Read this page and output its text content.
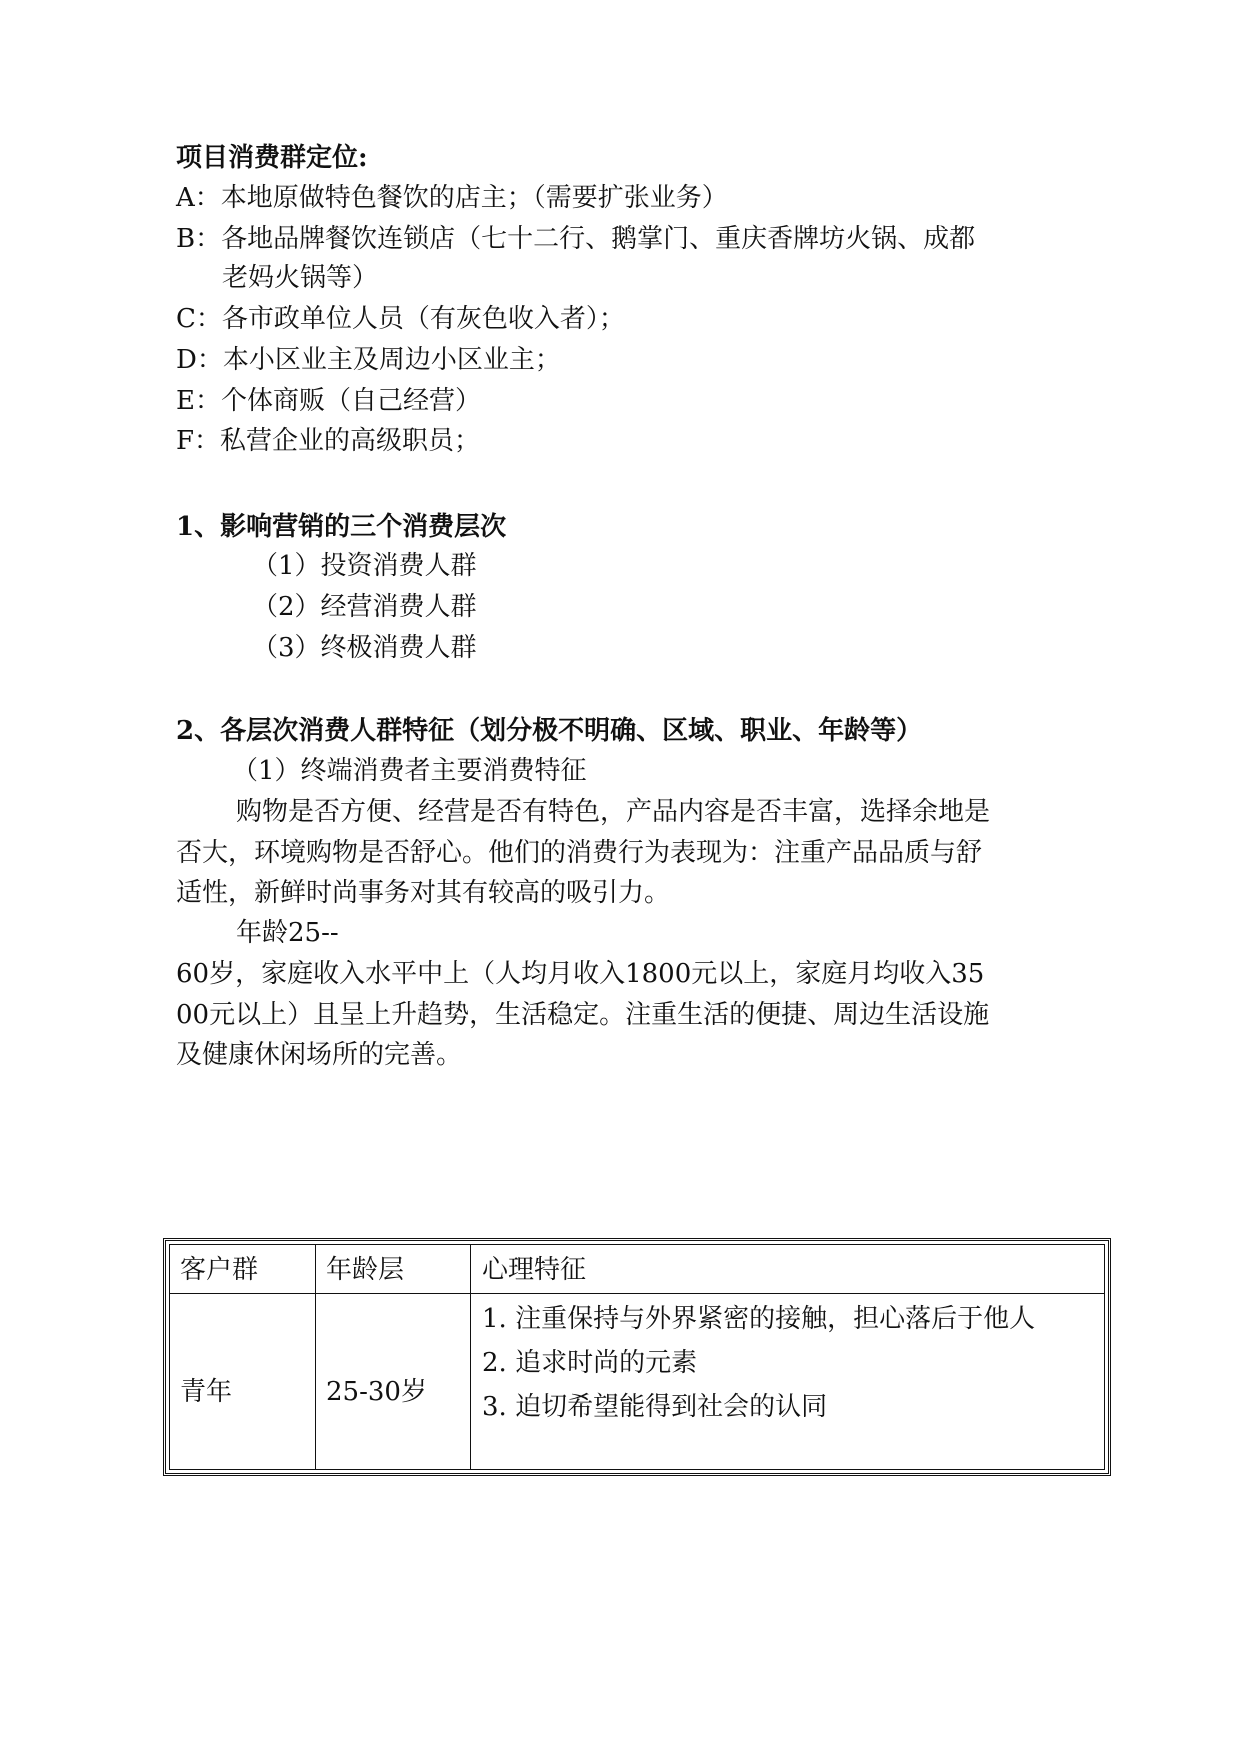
项目消费群定位:
A：本地原做特色餐饮的店主；（需要扩张业务）
B：各地品牌餐饮连锁店（七十二行、鹅掌门、重庆香牌坊火锅、成都
老妈火锅等）
C：各市政单位人员（有灰色收入者）；
D：本小区业主及周边小区业主；
E：个体商贩（自己经营）
F：私营企业的高级职员；
1、影响营销的三个消费层次
（1）投资消费人群
（2）经营消费人群
（3）终极消费人群
2、各层次消费人群特征（划分极不明确、区域、职业、年龄等）
（1）终端消费者主要消费特征
购物是否方便、经营是否有特色，产品内容是否丰富，选择余地是
否大，环境购物是否舒心。他们的消费行为表现为：注重产品品质与舒
适性，新鲜时尚事务对其有较高的吸引力。
年龄25--
60岁，家庭收入水平中上（人均月收入1800元以上，家庭月均收入35
00元以上）且呈上升趋势，生活稳定。注重生活的便捷、周边生活设施
及健康休闲场所的完善。
客户群	年龄层	心理特征
青年	25-30岁
1. 注重保持与外界紧密的接触，担心落后于他人
2. 追求时尚的元素
3. 迫切希望能得到社会的认同
